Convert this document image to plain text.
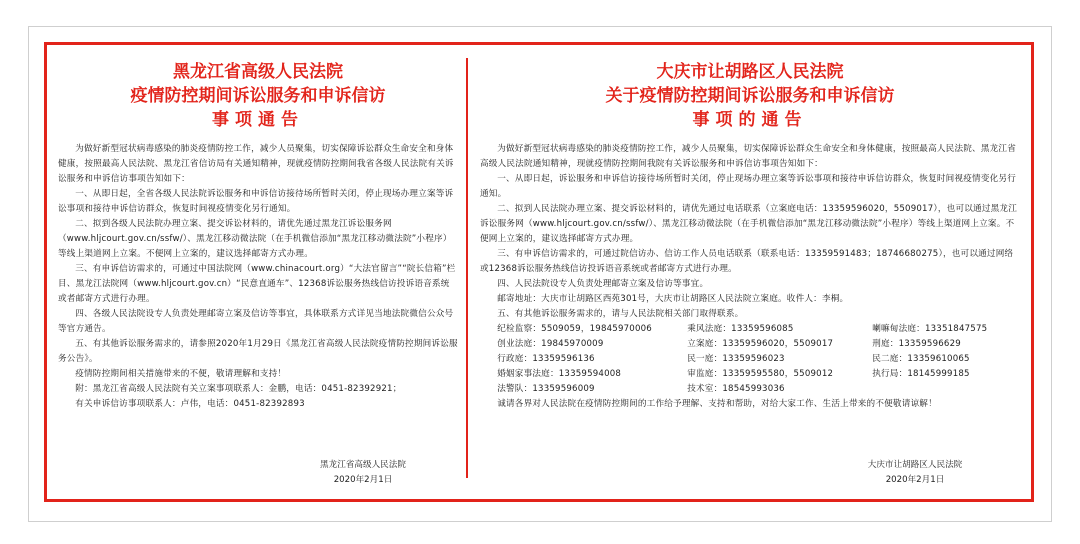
黑龙江省高级人民法院
疫情防控期间诉讼服务和申诉信访
事项通告

为做好新型冠状病毒感染的肺炎疫情防控工作，减少人员聚集，切实保障诉讼群众生命安全和身体健康，按照最高人民法院、黑龙江省信访局有关通知精神，现就疫情防控期间我省各级人民法院有关诉讼服务和申诉信访事项告知如下：

一、从即日起，全省各级人民法院诉讼服务和申诉信访接待场所暂时关闭，停止现场办理立案等诉讼事项和接待申诉信访群众，恢复时间视疫情变化另行通知。

二、拟到各级人民法院办理立案、提交诉讼材料的，请优先通过黑龙江诉讼服务网（www.hljcourt.gov.cn/ssfw/）、黑龙江移动微法院（在手机微信添加“黑龙江移动微法院”小程序）等线上渠道网上立案。不便网上立案的，建议选择邮寄方式办理。

三、有申诉信访需求的，可通过中国法院网（www.chinacourt.org）“大法官留言”“院长信箱”栏目、黑龙江法院网（www.hljcourt.gov.cn）“民意直通车”、12368诉讼服务热线信访投诉语音系统或者邮寄方式进行办理。

四、各级人民法院设专人负责处理邮寄立案及信访等事宜，具体联系方式详见当地法院微信公众号等官方通告。

五、有其他诉讼服务需求的，请参照2020年1月29日《黑龙江省高级人民法院疫情防控期间诉讼服务公告》。

疫情防控期间相关措施带来的不便，敬请理解和支持！

附：黑龙江省高级人民法院有关立案事项联系人：金鹏，电话：0451-82392921；

有关申诉信访事项联系人：卢伟，电话：0451-82392893

黑龙江省高级人民法院
2020年2月1日
大庆市让胡路区人民法院
关于疫情防控期间诉讼服务和申诉信访
事项的通告

为做好新型冠状病毒感染的肺炎疫情防控工作，减少人员聚集，切实保障诉讼群众生命安全和身体健康，按照最高人民法院、黑龙江省高级人民法院通知精神，现就疫情防控期间我院有关诉讼服务和申诉信访事项告知如下：

一、从即日起，诉讼服务和申诉信访接待场所暂时关闭，停止现场办理立案等诉讼事项和接待申诉信访群众，恢复时间视疫情变化另行通知。

二、拟到人民法院办理立案、提交诉讼材料的，请优先通过电话联系（立案庭电话：13359596020，5509017），也可以通过黑龙江诉讼服务网（www.hljcourt.gov.cn/ssfw/）、黑龙江移动微法院（在手机微信添加“黑龙江移动微法院”小程序）等线上渠道网上立案。不便网上立案的，建议选择邮寄方式办理。

三、有申诉信访需求的，可通过院信访办、信访工作人员电话联系（联系电话：13359591483；18746680275），也可以通过网络或12368诉讼服务热线信访投诉语音系统或者邮寄方式进行办理。

四、人民法院设专人负责处理邮寄立案及信访等事宜。

邮寄地址：大庆市让胡路区西苑301号，大庆市让胡路区人民法院立案庭。收件人：李桐。

五、有其他诉讼服务需求的，请与人民法院相关部门取得联系。

纪检监察：5509059，19845970006	乘风法庭：13359596085	喇嘛甸法庭：13351847575
创业法庭：19845970009	立案庭：13359596020，5509017	刑庭：13359596629
行政庭：13359596136	民一庭：13359596023	民二庭：13359610065
婚姻家事法庭：13359594008	审监庭：13359595580，5509012	执行局：18145999185
法警队：13359596009	技术室：18545993036

诚请各界对人民法院在疫情防控期间的工作给予理解、支持和帮助，对给大家工作、生活上带来的不便敬请谅解！

大庆市让胡路区人民法院
2020年2月1日
